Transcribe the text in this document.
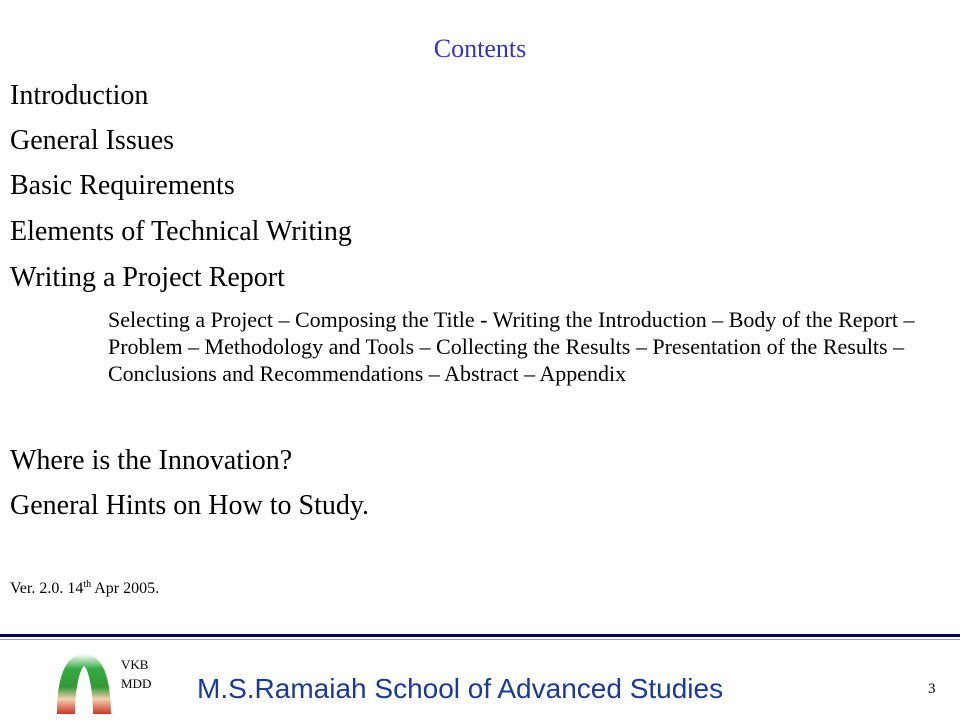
Contents
Introduction
General Issues
Basic Requirements
Elements of Technical Writing
Writing a Project Report
Selecting a Project – Composing the Title - Writing the Introduction – Body of the Report – Problem – Methodology and Tools – Collecting the Results – Presentation of the Results – Conclusions and Recommendations – Abstract – Appendix
Where is the Innovation?
General Hints on How to Study.
Ver. 2.0. 14th Apr 2005.
VKB
MDD M.S.Ramaiah School of Advanced Studies	3
